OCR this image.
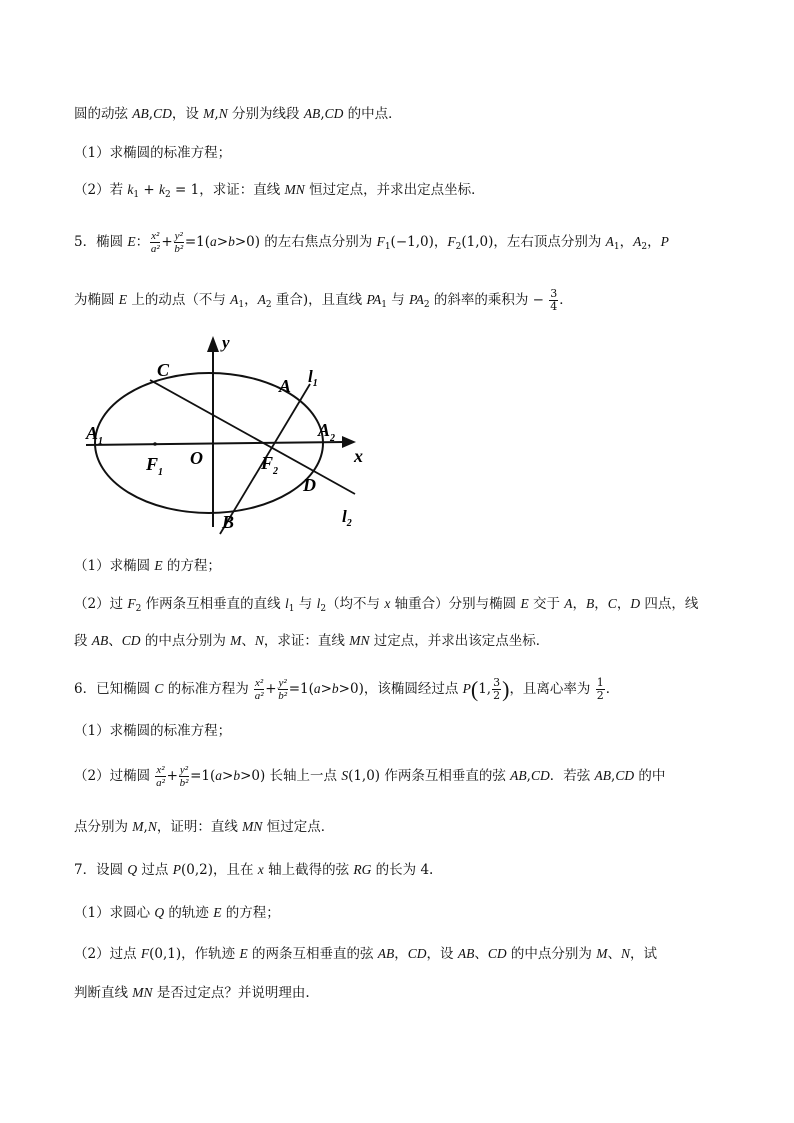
圆的动弦 AB,CD，设 M,N 分别为线段 AB,CD 的中点．
（1）求椭圆的标准方程；
（2）若 $k_1 + k_2 = 1$，求证：直线 MN 恒过定点，并求出定点坐标．
5．椭圆 E： $\frac{\text{x²}}{\text{a²}} + \frac{\text{y²}}{\text{b²}} =1(a>b>0)$ 的左右焦点分别为 $F_1(-1,0)$，$F_2(1,0)$，左右顶点分别为 $A_1$，$A_2$，P
为椭圆 E 上的动点（不与 $A_1$，$A_2$ 重合)，且直线 $PA_1$ 与 $PA_2$ 的斜率的乘积为 − $\frac{3}{4}$ ．
y
C
A $l_1$
$A_1$
$A_2$
x
$F_1$
O	$F_2$
D
B	$l_2$
（1）求椭圆 E 的方程；
（2）过 $F_2$ 作两条互相垂直的直线 $l_1$ 与 $l_2$（均不与 x 轴重合）分别与椭圆 E 交于 A，B，C，D 四点，线
段 AB、CD 的中点分别为 M、N，求证：直线 MN 过定点，并求出该定点坐标．
6．已知椭圆 C 的标准方程为 $\frac{\text{x²}}{\text{a²}} + \frac{\text{y²}}{\text{b²}} =1(a>b>0)$，该椭圆经过点 P(1, $\frac{3}{2}$ )，且离心率为 $\frac{1}{2}$ ．
（1）求椭圆的标准方程；
（2）过椭圆 $\frac{\text{x²}}{\text{a²}} + \frac{\text{y²}}{\text{b²}} =1(a>b>0)$ 长轴上一点 S(1,0) 作两条互相垂直的弦 AB,CD．若弦 AB,CD 的中
点分别为 M,N，证明：直线 MN 恒过定点．
7．设圆 Q 过点 P(0,2)，且在 x 轴上截得的弦 RG 的长为 4.
（1）求圆心 Q 的轨迹 E 的方程；
（2）过点 F(0,1)，作轨迹 E 的两条互相垂直的弦 AB，CD，设 AB、CD 的中点分别为 M、N，试
判断直线 MN 是否过定点？并说明理由.
